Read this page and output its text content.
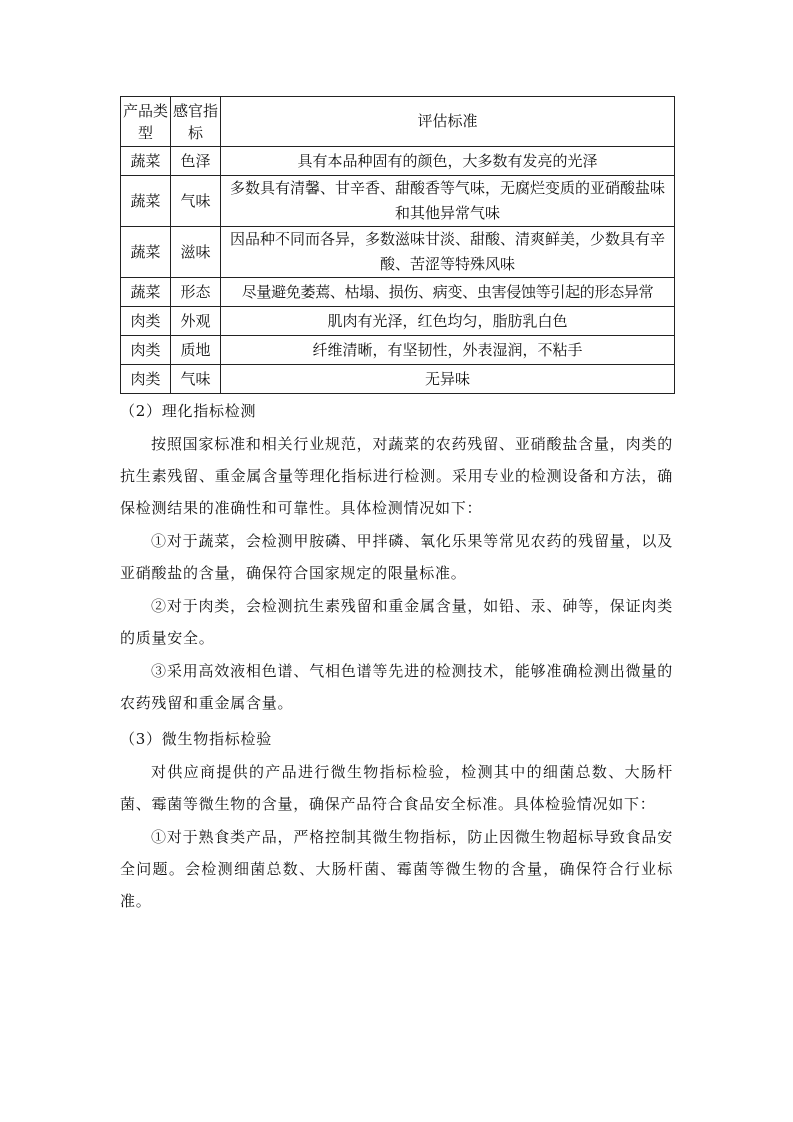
产品类型	感官指标	评估标准
蔬菜	色泽	具有本品种固有的颜色，大多数有发亮的光泽
蔬菜	气味	多数具有清馨、甘辛香、甜酸香等气味，无腐烂变质的亚硝酸盐味和其他异常气味
蔬菜	滋味	因品种不同而各异，多数滋味甘淡、甜酸、清爽鲜美，少数具有辛酸、苦涩等特殊风味
蔬菜	形态	尽量避免萎蔫、枯塌、损伤、病变、虫害侵蚀等引起的形态异常
肉类	外观	肌肉有光泽，红色均匀，脂肪乳白色
肉类	质地	纤维清晰，有坚韧性，外表湿润，不粘手
肉类	气味	无异味

（2）理化指标检测

按照国家标准和相关行业规范，对蔬菜的农药残留、亚硝酸盐含量，肉类的抗生素残留、重金属含量等理化指标进行检测。采用专业的检测设备和方法，确保检测结果的准确性和可靠性。具体检测情况如下：

①对于蔬菜，会检测甲胺磷、甲拌磷、氧化乐果等常见农药的残留量，以及亚硝酸盐的含量，确保符合国家规定的限量标准。

②对于肉类，会检测抗生素残留和重金属含量，如铅、汞、砷等，保证肉类的质量安全。

③采用高效液相色谱、气相色谱等先进的检测技术，能够准确检测出微量的农药残留和重金属含量。

（3）微生物指标检验

对供应商提供的产品进行微生物指标检验，检测其中的细菌总数、大肠杆菌、霉菌等微生物的含量，确保产品符合食品安全标准。具体检验情况如下：

①对于熟食类产品，严格控制其微生物指标，防止因微生物超标导致食品安全问题。会检测细菌总数、大肠杆菌、霉菌等微生物的含量，确保符合行业标准。
